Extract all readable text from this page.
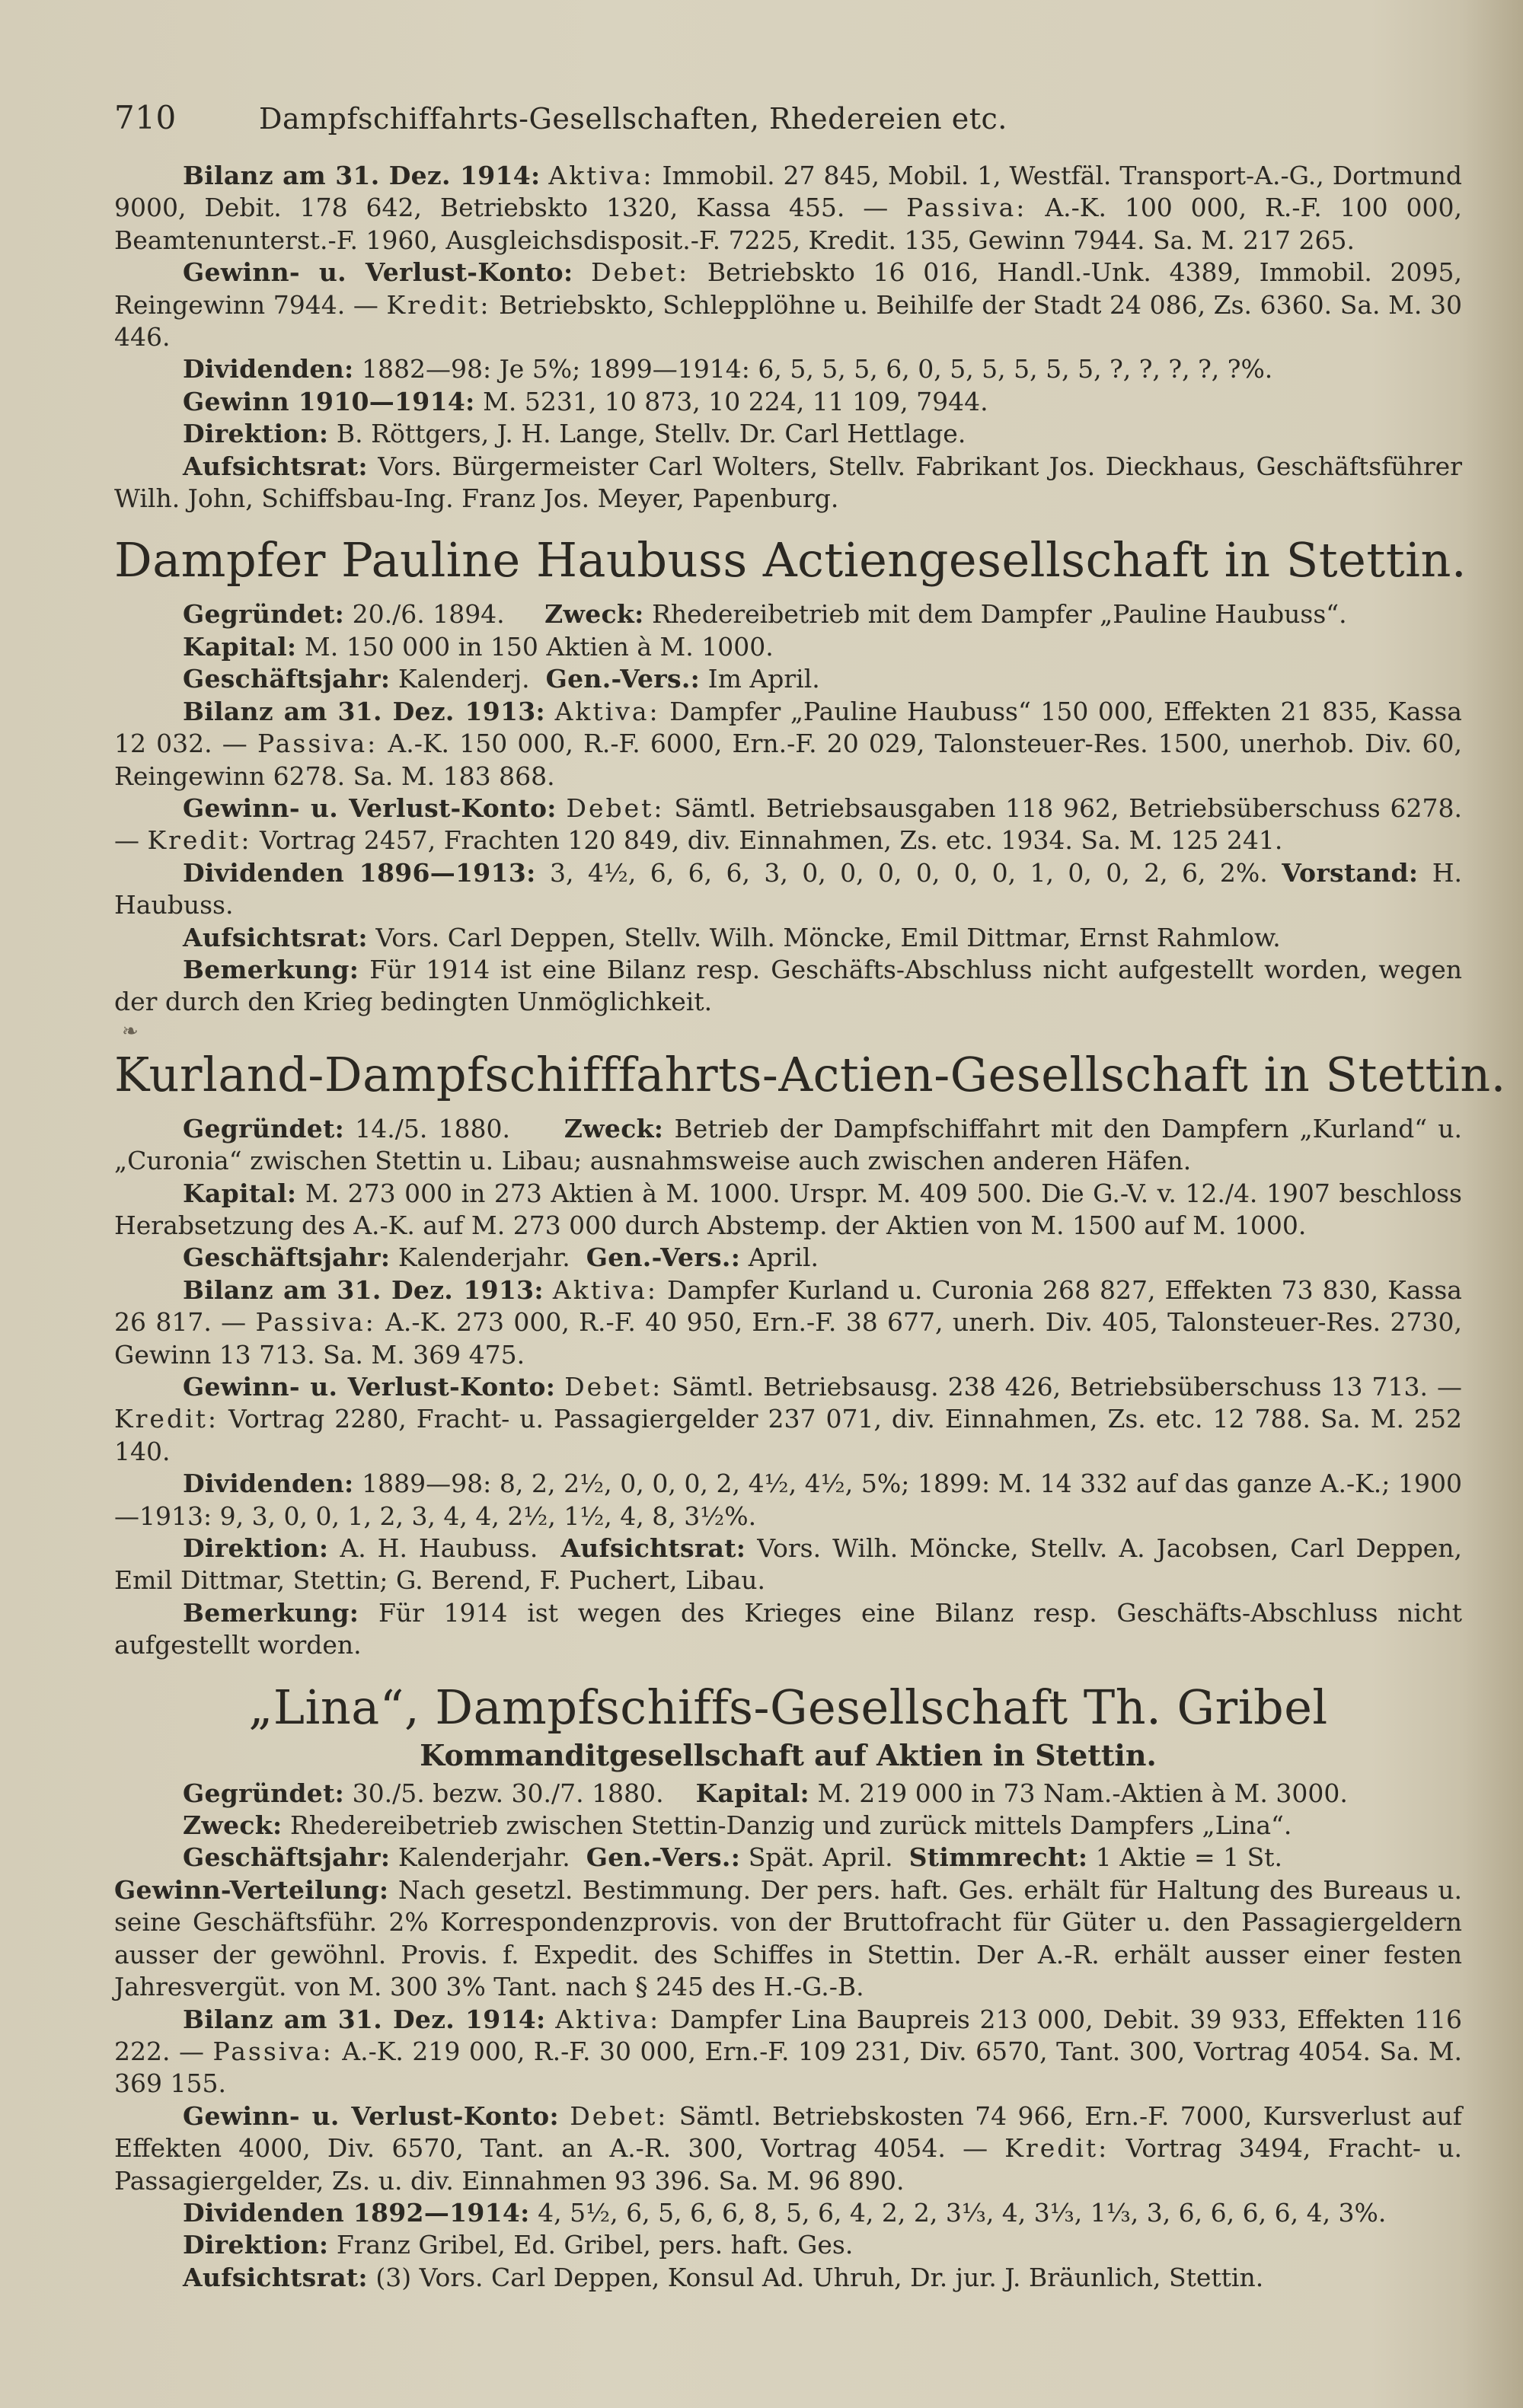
710	Dampfschiffahrts-Gesellschaften, Rhedereien etc.

Bilanz am 31. Dez. 1914: Aktiva: Immobil. 27 845, Mobil. 1, Westfäl. Transport-A.-G., Dortmund 9000, Debit. 178 642, Betriebskto 1320, Kassa 455. — Passiva: A.-K. 100 000, R.-F. 100 000, Beamtenunterst.-F. 1960, Ausgleichsdisposit.-F. 7225, Kredit. 135, Gewinn 7944. Sa. M. 217 265.

Gewinn- u. Verlust-Konto: Debet: Betriebskto 16 016, Handl.-Unk. 4389, Immobil. 2095, Reingewinn 7944. — Kredit: Betriebskto, Schlepplöhne u. Beihilfe der Stadt 24 086, Zs. 6360. Sa. M. 30 446.

Dividenden: 1882—98: Je 5%; 1899—1914: 6, 5, 5, 5, 6, 0, 5, 5, 5, 5, 5, ?, ?, ?, ?, ?%.

Gewinn 1910—1914: M. 5231, 10 873, 10 224, 11 109, 7944.

Direktion: B. Röttgers, J. H. Lange, Stellv. Dr. Carl Hettlage.

Aufsichtsrat: Vors. Bürgermeister Carl Wolters, Stellv. Fabrikant Jos. Dieckhaus, Geschäftsführer Wilh. John, Schiffsbau-Ing. Franz Jos. Meyer, Papenburg.

Dampfer Pauline Haubuss Actiengesellschaft in Stettin.

Gegründet: 20./6. 1894. Zweck: Rhedereibetrieb mit dem Dampfer „Pauline Haubuss“.

Kapital: M. 150 000 in 150 Aktien à M. 1000.

Geschäftsjahr: Kalenderj. Gen.-Vers.: Im April.

Bilanz am 31. Dez. 1913: Aktiva: Dampfer „Pauline Haubuss“ 150 000, Effekten 21 835, Kassa 12 032. — Passiva: A.-K. 150 000, R.-F. 6000, Ern.-F. 20 029, Talonsteuer-Res. 1500, unerhob. Div. 60, Reingewinn 6278. Sa. M. 183 868.

Gewinn- u. Verlust-Konto: Debet: Sämtl. Betriebsausgaben 118 962, Betriebsüberschuss 6278. — Kredit: Vortrag 2457, Frachten 120 849, div. Einnahmen, Zs. etc. 1934. Sa. M. 125 241.

Dividenden 1896—1913: 3, 4½, 6, 6, 6, 3, 0, 0, 0, 0, 0, 0, 1, 0, 0, 2, 6, 2%. Vorstand: H. Haubuss.

Aufsichtsrat: Vors. Carl Deppen, Stellv. Wilh. Möncke, Emil Dittmar, Ernst Rahmlow.

Bemerkung: Für 1914 ist eine Bilanz resp. Geschäfts-Abschluss nicht aufgestellt worden, wegen der durch den Krieg bedingten Unmöglichkeit.

❧
Kurland-Dampfschifffahrts-Actien-Gesellschaft in Stettin.

Gegründet: 14./5. 1880. Zweck: Betrieb der Dampfschiffahrt mit den Dampfern „Kurland“ u. „Curonia“ zwischen Stettin u. Libau; ausnahmsweise auch zwischen anderen Häfen.

Kapital: M. 273 000 in 273 Aktien à M. 1000. Urspr. M. 409 500. Die G.-V. v. 12./4. 1907 beschloss Herabsetzung des A.-K. auf M. 273 000 durch Abstemp. der Aktien von M. 1500 auf M. 1000.

Geschäftsjahr: Kalenderjahr. Gen.-Vers.: April.

Bilanz am 31. Dez. 1913: Aktiva: Dampfer Kurland u. Curonia 268 827, Effekten 73 830, Kassa 26 817. — Passiva: A.-K. 273 000, R.-F. 40 950, Ern.-F. 38 677, unerh. Div. 405, Talonsteuer-Res. 2730, Gewinn 13 713. Sa. M. 369 475.

Gewinn- u. Verlust-Konto: Debet: Sämtl. Betriebsausg. 238 426, Betriebsüberschuss 13 713. — Kredit: Vortrag 2280, Fracht- u. Passagiergelder 237 071, div. Einnahmen, Zs. etc. 12 788. Sa. M. 252 140.

Dividenden: 1889—98: 8, 2, 2½, 0, 0, 0, 2, 4½, 4½, 5%; 1899: M. 14 332 auf das ganze A.-K.; 1900—1913: 9, 3, 0, 0, 1, 2, 3, 4, 4, 2½, 1½, 4, 8, 3½%.

Direktion: A. H. Haubuss. Aufsichtsrat: Vors. Wilh. Möncke, Stellv. A. Jacobsen, Carl Deppen, Emil Dittmar, Stettin; G. Berend, F. Puchert, Libau.

Bemerkung: Für 1914 ist wegen des Krieges eine Bilanz resp. Geschäfts-Abschluss nicht aufgestellt worden.

„Lina“, Dampfschiffs-Gesellschaft Th. Gribel
Kommanditgesellschaft auf Aktien in Stettin.

Gegründet: 30./5. bezw. 30./7. 1880. Kapital: M. 219 000 in 73 Nam.-Aktien à M. 3000.

Zweck: Rhedereibetrieb zwischen Stettin-Danzig und zurück mittels Dampfers „Lina“.

Geschäftsjahr: Kalenderjahr. Gen.-Vers.: Spät. April. Stimmrecht: 1 Aktie = 1 St.

Gewinn-Verteilung: Nach gesetzl. Bestimmung. Der pers. haft. Ges. erhält für Haltung des Bureaus u. seine Geschäftsführ. 2% Korrespondenzprovis. von der Bruttofracht für Güter u. den Passagiergeldern ausser der gewöhnl. Provis. f. Expedit. des Schiffes in Stettin. Der A.-R. erhält ausser einer festen Jahresvergüt. von M. 300 3% Tant. nach § 245 des H.-G.-B.

Bilanz am 31. Dez. 1914: Aktiva: Dampfer Lina Baupreis 213 000, Debit. 39 933, Effekten 116 222. — Passiva: A.-K. 219 000, R.-F. 30 000, Ern.-F. 109 231, Div. 6570, Tant. 300, Vortrag 4054. Sa. M. 369 155.

Gewinn- u. Verlust-Konto: Debet: Sämtl. Betriebskosten 74 966, Ern.-F. 7000, Kursverlust auf Effekten 4000, Div. 6570, Tant. an A.-R. 300, Vortrag 4054. — Kredit: Vortrag 3494, Fracht- u. Passagiergelder, Zs. u. div. Einnahmen 93 396. Sa. M. 96 890.

Dividenden 1892—1914: 4, 5½, 6, 5, 6, 6, 8, 5, 6, 4, 2, 2, 3⅓, 4, 3⅓, 1⅓, 3, 6, 6, 6, 6, 4, 3%.

Direktion: Franz Gribel, Ed. Gribel, pers. haft. Ges.

Aufsichtsrat: (3) Vors. Carl Deppen, Konsul Ad. Uhruh, Dr. jur. J. Bräunlich, Stettin.
